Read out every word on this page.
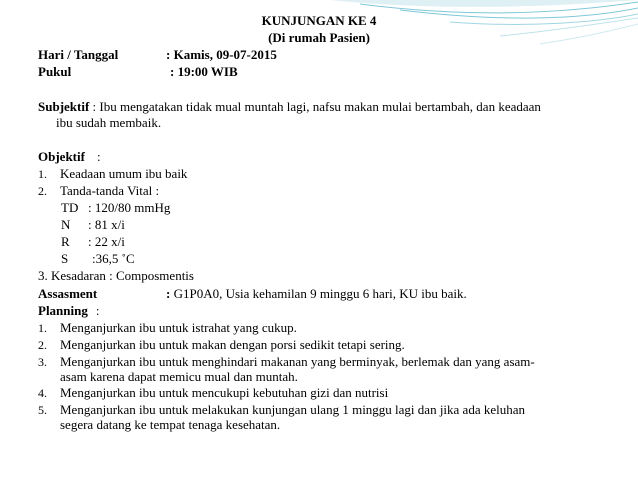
KUNJUNGAN KE 4
(Di rumah Pasien)
Hari / Tanggal	: Kamis, 09-07-2015
Pukul	: 19:00 WIB
Subjektif : Ibu mengatakan tidak mual muntah lagi, nafsu makan mulai bertambah, dan keadaan
ibu sudah membaik.
Objektif :
1. Keadaan umum ibu baik
2. Tanda-tanda Vital :
TD : 120/80 mmHg
N : 81 x/i
R : 22 x/i
S :36,5 ˚C
3. Kesadaran : Composmentis
Assasment	: G1P0A0, Usia kehamilan 9 minggu 6 hari, KU ibu baik.
Planning :
1. Menganjurkan ibu untuk istrahat yang cukup.
2. Menganjurkan ibu untuk makan dengan porsi sedikit tetapi sering.
3. Menganjurkan ibu untuk menghindari makanan yang berminyak, berlemak dan yang asam-
asam karena dapat memicu mual dan muntah.
4. Menganjurkan ibu untuk mencukupi kebutuhan gizi dan nutrisi
5. Menganjurkan ibu untuk melakukan kunjungan ulang 1 minggu lagi dan jika ada keluhan
segera datang ke tempat tenaga kesehatan.
